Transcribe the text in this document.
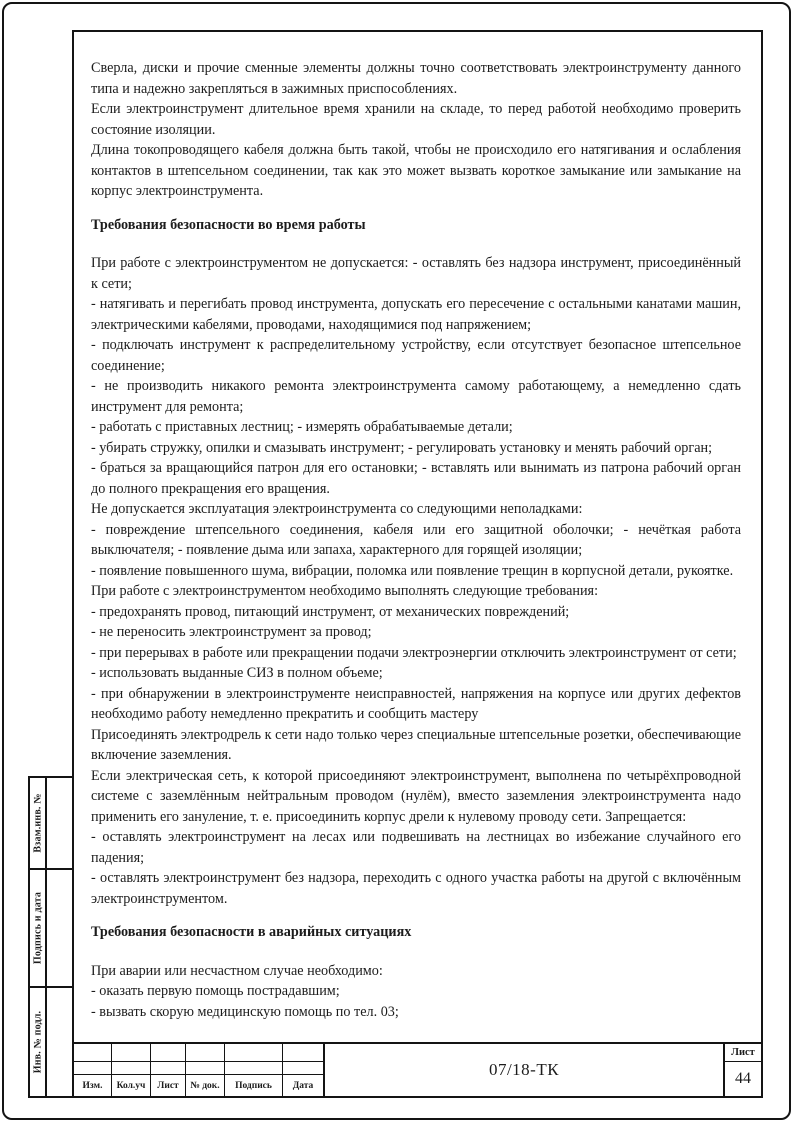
Сверла, диски и прочие сменные элементы должны точно соответствовать электроинструменту данного типа и надежно закрепляться в зажимных приспособлениях.

Если электроинструмент длительное время хранили на складе, то перед работой необходимо проверить состояние изоляции.

Длина токопроводящего кабеля должна быть такой, чтобы не происходило его натягивания и ослабления контактов в штепсельном соединении, так как это может вызвать короткое замыкание или замыкание на корпус электроинструмента.

Требования безопасности во время работы

При работе с электроинструментом не допускается: - оставлять без надзора инструмент, присоединённый к сети;

- натягивать и перегибать провод инструмента, допускать его пересечение с остальными канатами машин, электрическими кабелями, проводами, находящимися под напряжением;

- подключать инструмент к распределительному устройству, если отсутствует безопасное штепсельное соединение;

- не производить никакого ремонта электроинструмента самому работающему, а немедленно сдать инструмент для ремонта;

- работать с приставных лестниц; - измерять обрабатываемые детали;

- убирать стружку, опилки и смазывать инструмент; - регулировать установку и менять рабочий орган;

- браться за вращающийся патрон для его остановки; - вставлять или вынимать из патрона рабочий орган до полного прекращения его вращения.

Не допускается эксплуатация электроинструмента со следующими неполадками:

- повреждение штепсельного соединения, кабеля или его защитной оболочки; - нечёткая работа выключателя; - появление дыма или запаха, характерного для горящей изоляции;

- появление повышенного шума, вибрации, поломка или появление трещин в корпусной детали, рукоятке.

При работе с электроинструментом необходимо выполнять следующие требования:

- предохранять провод, питающий инструмент, от механических повреждений;

- не переносить электроинструмент за провод;

- при перерывах в работе или прекращении подачи электроэнергии отключить электроинструмент от сети;

- использовать выданные СИЗ в полном объеме;

- при обнаружении в электроинструменте неисправностей, напряжения на корпусе или других дефектов необходимо работу немедленно прекратить и сообщить мастеру

Присоединять электродрель к сети надо только через специальные штепсельные розетки, обеспечивающие включение заземления.

Если электрическая сеть, к которой присоединяют электроинструмент, выполнена по четырёхпроводной системе с заземлённым нейтральным проводом (нулём), вместо заземления электроинструмента надо применить его зануление, т. е. присоединить корпус дрели к нулевому проводу сети. Запрещается:

- оставлять электроинструмент на лесах или подвешивать на лестницах во избежание случайного его падения;

- оставлять электроинструмент без надзора, переходить с одного участка работы на другой с включённым электроинструментом.

Требования безопасности в аварийных ситуациях

При аварии или несчастном случае необходимо:

- оказать первую помощь пострадавшим;

- вызвать скорую медицинскую помощь по тел. 03;

Взам.инв. №
Подпись и дата
Инв. № подл.
Изм.	Кол.уч	Лист	№ док.	Подпись	Дата
07/18-ТК
Лист
44
